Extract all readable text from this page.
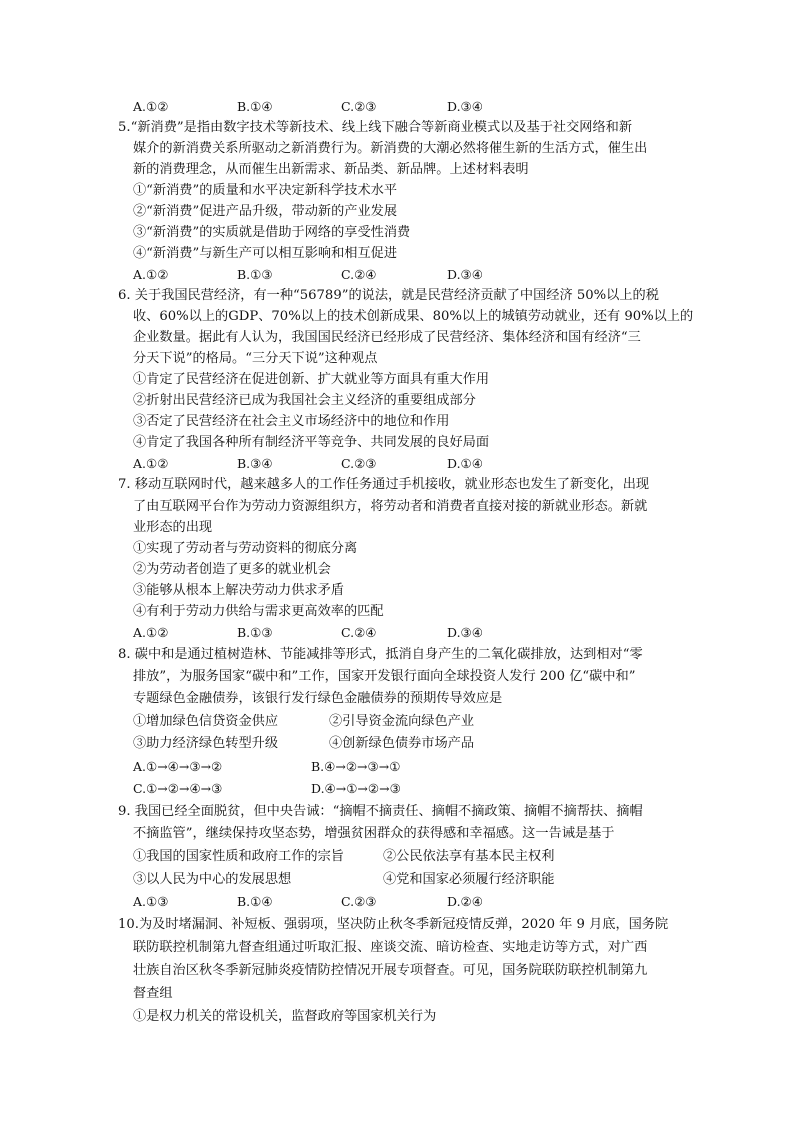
A.①②	B.①④	C.②③	D.③④
5.“新消费”是指由数字技术等新技术、线上线下融合等新商业模式以及基于社交网络和新
媒介的新消费关系所驱动之新消费行为。新消费的大潮必然将催生新的生活方式，催生出
新的消费理念，从而催生出新需求、新品类、新品牌。上述材料表明
①“新消费”的质量和水平决定新科学技术水平
②“新消费”促进产品升级，带动新的产业发展
③“新消费”的实质就是借助于网络的享受性消费
④“新消费”与新生产可以相互影响和相互促进
A.①②	B.①③	C.②④	D.③④
6. 关于我国民营经济，有一种“56789”的说法，就是民营经济贡献了中国经济 50%以上的税
收、60%以上的GDP、70%以上的技术创新成果、80%以上的城镇劳动就业，还有 90%以上的
企业数量。据此有人认为，我国国民经济已经形成了民营经济、集体经济和国有经济“三
分天下说”的格局。“三分天下说”这种观点
①肯定了民营经济在促进创新、扩大就业等方面具有重大作用
②折射出民营经济已成为我国社会主义经济的重要组成部分
③否定了民营经济在社会主义市场经济中的地位和作用
④肯定了我国各种所有制经济平等竞争、共同发展的良好局面
A.①②	B.③④	C.②③	D.①④
7. 移动互联网时代，越来越多人的工作任务通过手机接收，就业形态也发生了新变化，出现
了由互联网平台作为劳动力资源组织方，将劳动者和消费者直接对接的新就业形态。新就
业形态的出现
①实现了劳动者与劳动资料的彻底分离
②为劳动者创造了更多的就业机会
③能够从根本上解决劳动力供求矛盾
④有利于劳动力供给与需求更高效率的匹配
A.①②	B.①③	C.②④	D.③④
8. 碳中和是通过植树造林、节能减排等形式，抵消自身产生的二氧化碳排放，达到相对“零
排放”，为服务国家“碳中和”工作，国家开发银行面向全球投资人发行 200 亿“碳中和”
专题绿色金融债券，该银行发行绿色金融债券的预期传导效应是
①增加绿色信贷资金供应	②引导资金流向绿色产业
③助力经济绿色转型升级	④创新绿色债券市场产品
A.①→④→③→②	B.④→②→③→①
C.①→②→④→③	D.④→①→②→③
9. 我国已经全面脱贫，但中央告诫：“摘帽不摘责任、摘帽不摘政策、摘帽不摘帮扶、摘帽
不摘监管”，继续保持攻坚态势，增强贫困群众的获得感和幸福感。这一告诫是基于
①我国的国家性质和政府工作的宗旨	②公民依法享有基本民主权利
③以人民为中心的发展思想	④党和国家必须履行经济职能
A.①③	B.①④	C.②③	D.②④
10.为及时堵漏洞、补短板、强弱项，坚决防止秋冬季新冠疫情反弹，2020 年 9 月底，国务院
联防联控机制第九督查组通过听取汇报、座谈交流、暗访检查、实地走访等方式，对广西
壮族自治区秋冬季新冠肺炎疫情防控情况开展专项督查。可见，国务院联防联控机制第九
督查组
①是权力机关的常设机关，监督政府等国家机关行为
